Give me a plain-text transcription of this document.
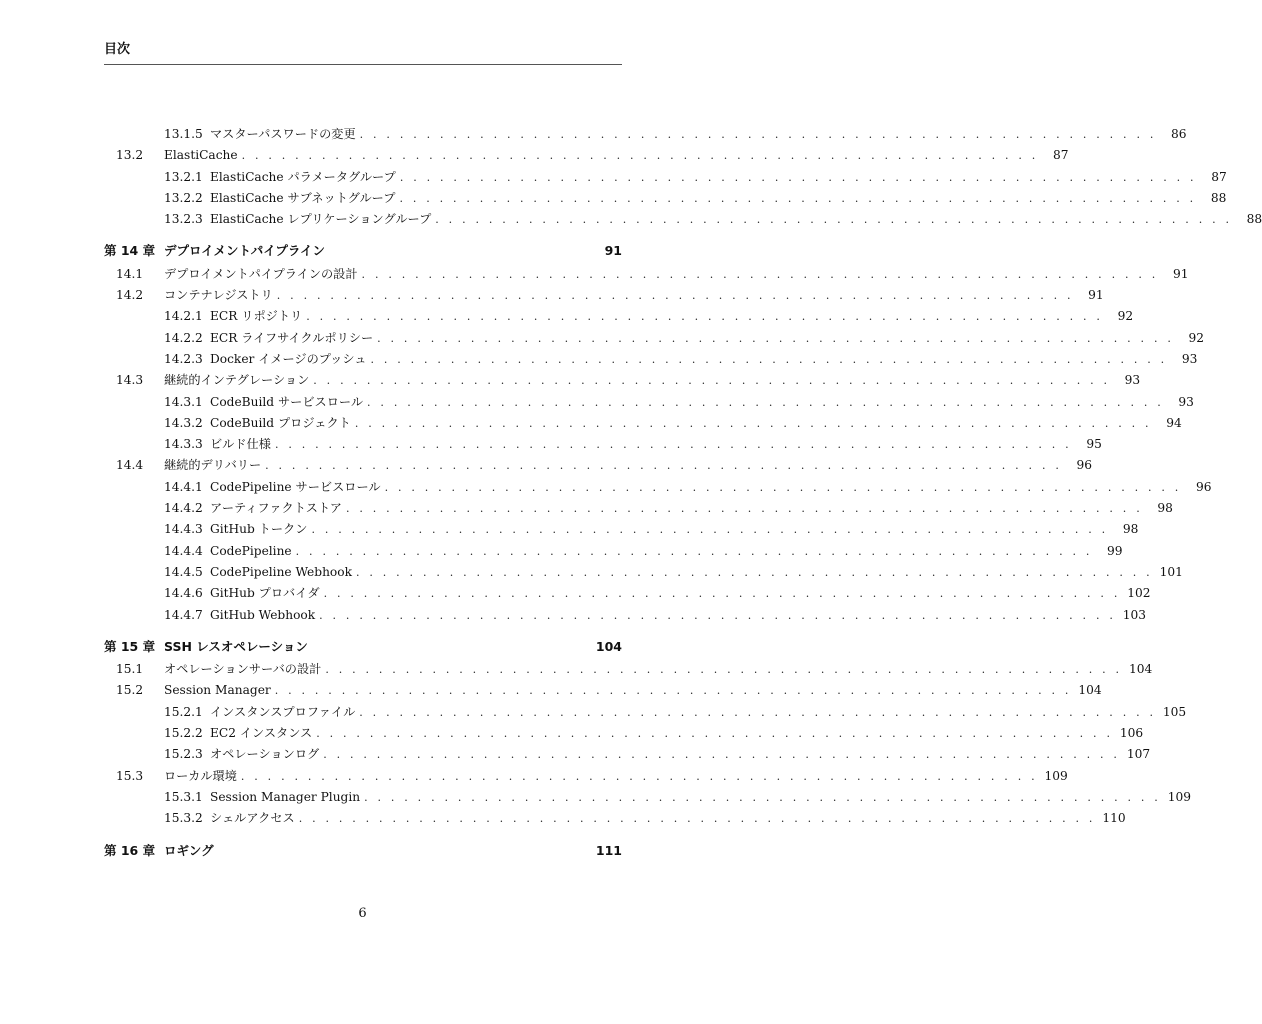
目次
13.1.5 マスターパスワードの変更 . . . . . . . . . . . . . . . . . . . . . . . . . . . . . . . . . . . . . . . . . . . . . . . . . . . . . . . . . . . .	86
13.2	ElastiCache . . . . . . . . . . . . . . . . . . . . . . . . . . . . . . . . . . . . . . . . . . . . . . . . . . . . . . . . . . . .	87
13.2.1 ElastiCache パラメータグループ . . . . . . . . . . . . . . . . . . . . . . . . . . . . . . . . . . . . . . . . . . . . . . . . . . . . . . . . . . . .	87
13.2.2 ElastiCache サブネットグループ . . . . . . . . . . . . . . . . . . . . . . . . . . . . . . . . . . . . . . . . . . . . . . . . . . . . . . . . . . . .	88
13.2.3 ElastiCache レプリケーショングループ . . . . . . . . . . . . . . . . . . . . . . . . . . . . . . . . . . . . . . . . . . . . . . . . . . . . . . . . . . . .	88
第 14 章 デプロイメントパイプライン	91
14.1	デプロイメントパイプラインの設計 . . . . . . . . . . . . . . . . . . . . . . . . . . . . . . . . . . . . . . . . . . . . . . . . . . . . . . . . . . . .	91
14.2	コンテナレジストリ . . . . . . . . . . . . . . . . . . . . . . . . . . . . . . . . . . . . . . . . . . . . . . . . . . . . . . . . . . . .	91
14.2.1 ECR リポジトリ . . . . . . . . . . . . . . . . . . . . . . . . . . . . . . . . . . . . . . . . . . . . . . . . . . . . . . . . . . . .	92
14.2.2 ECR ライフサイクルポリシー . . . . . . . . . . . . . . . . . . . . . . . . . . . . . . . . . . . . . . . . . . . . . . . . . . . . . . . . . . . .	92
14.2.3 Docker イメージのプッシュ . . . . . . . . . . . . . . . . . . . . . . . . . . . . . . . . . . . . . . . . . . . . . . . . . . . . . . . . . . . .	93
14.3	継続的インテグレーション . . . . . . . . . . . . . . . . . . . . . . . . . . . . . . . . . . . . . . . . . . . . . . . . . . . . . . . . . . . .	93
14.3.1 CodeBuild サービスロール . . . . . . . . . . . . . . . . . . . . . . . . . . . . . . . . . . . . . . . . . . . . . . . . . . . . . . . . . . . .	93
14.3.2 CodeBuild プロジェクト . . . . . . . . . . . . . . . . . . . . . . . . . . . . . . . . . . . . . . . . . . . . . . . . . . . . . . . . . . . .	94
14.3.3 ビルド仕様 . . . . . . . . . . . . . . . . . . . . . . . . . . . . . . . . . . . . . . . . . . . . . . . . . . . . . . . . . . . .	95
14.4	継続的デリバリー . . . . . . . . . . . . . . . . . . . . . . . . . . . . . . . . . . . . . . . . . . . . . . . . . . . . . . . . . . . .	96
14.4.1 CodePipeline サービスロール . . . . . . . . . . . . . . . . . . . . . . . . . . . . . . . . . . . . . . . . . . . . . . . . . . . . . . . . . . . .	96
14.4.2 アーティファクトストア . . . . . . . . . . . . . . . . . . . . . . . . . . . . . . . . . . . . . . . . . . . . . . . . . . . . . . . . . . . .	98
14.4.3 GitHub トークン . . . . . . . . . . . . . . . . . . . . . . . . . . . . . . . . . . . . . . . . . . . . . . . . . . . . . . . . . . . .	98
14.4.4 CodePipeline . . . . . . . . . . . . . . . . . . . . . . . . . . . . . . . . . . . . . . . . . . . . . . . . . . . . . . . . . . . .	99
14.4.5 CodePipeline Webhook . . . . . . . . . . . . . . . . . . . . . . . . . . . . . . . . . . . . . . . . . . . . . . . . . . . . . . . . . . . . 101
14.4.6 GitHub プロバイダ . . . . . . . . . . . . . . . . . . . . . . . . . . . . . . . . . . . . . . . . . . . . . . . . . . . . . . . . . . . . 102
14.4.7 GitHub Webhook . . . . . . . . . . . . . . . . . . . . . . . . . . . . . . . . . . . . . . . . . . . . . . . . . . . . . . . . . . . . 103
第 15 章 SSH レスオペレーション	104
15.1	オペレーションサーバの設計 . . . . . . . . . . . . . . . . . . . . . . . . . . . . . . . . . . . . . . . . . . . . . . . . . . . . . . . . . . . . 104
15.2	Session Manager . . . . . . . . . . . . . . . . . . . . . . . . . . . . . . . . . . . . . . . . . . . . . . . . . . . . . . . . . . . . 104
15.2.1 インスタンスプロファイル . . . . . . . . . . . . . . . . . . . . . . . . . . . . . . . . . . . . . . . . . . . . . . . . . . . . . . . . . . . . 105
15.2.2 EC2 インスタンス . . . . . . . . . . . . . . . . . . . . . . . . . . . . . . . . . . . . . . . . . . . . . . . . . . . . . . . . . . . . 106
15.2.3 オペレーションログ . . . . . . . . . . . . . . . . . . . . . . . . . . . . . . . . . . . . . . . . . . . . . . . . . . . . . . . . . . . . 107
15.3	ローカル環境 . . . . . . . . . . . . . . . . . . . . . . . . . . . . . . . . . . . . . . . . . . . . . . . . . . . . . . . . . . . . 109
15.3.1 Session Manager Plugin . . . . . . . . . . . . . . . . . . . . . . . . . . . . . . . . . . . . . . . . . . . . . . . . . . . . . . . . . . . . 109
15.3.2 シェルアクセス . . . . . . . . . . . . . . . . . . . . . . . . . . . . . . . . . . . . . . . . . . . . . . . . . . . . . . . . . . . . 110
第 16 章 ロギング	111
6
